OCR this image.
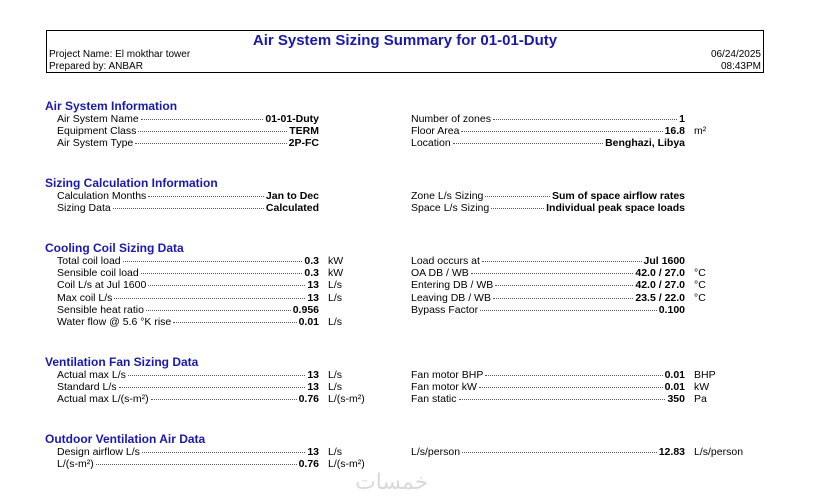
Air System Sizing Summary for 01-01-Duty
Project Name: El mokthar tower
Prepared by: ANBAR
06/24/2025
08:43PM
Air System Information
Air System Name	01-01-Duty
Equipment Class	TERM
Air System Type	2P-FC
Number of zones	1
Floor Area	16.8 m²
Location	Benghazi, Libya
Sizing Calculation Information
Calculation Months	Jan to Dec
Sizing Data	Calculated
Zone L/s Sizing	Sum of space airflow rates
Space L/s Sizing	Individual peak space loads
Cooling Coil Sizing Data
Total coil load	0.3 kW
Sensible coil load	0.3 kW
Coil L/s at Jul 1600	13 L/s
Max coil L/s	13 L/s
Sensible heat ratio	0.956
Water flow @ 5.6 °K rise	0.01 L/s
Load occurs at	Jul 1600
OA DB / WB	42.0 / 27.0 °C
Entering DB / WB	42.0 / 27.0 °C
Leaving DB / WB	23.5 / 22.0 °C
Bypass Factor	0.100
Ventilation Fan Sizing Data
Actual max L/s	13 L/s
Standard L/s	13 L/s
Actual max L/(s-m²)	0.76 L/(s-m²)
Fan motor BHP	0.01 BHP
Fan motor kW	0.01 kW
Fan static	350 Pa
Outdoor Ventilation Air Data
Design airflow L/s	13 L/s
L/(s-m²)	0.76 L/(s-m²)
L/s/person	12.83 L/s/person
خمسات
